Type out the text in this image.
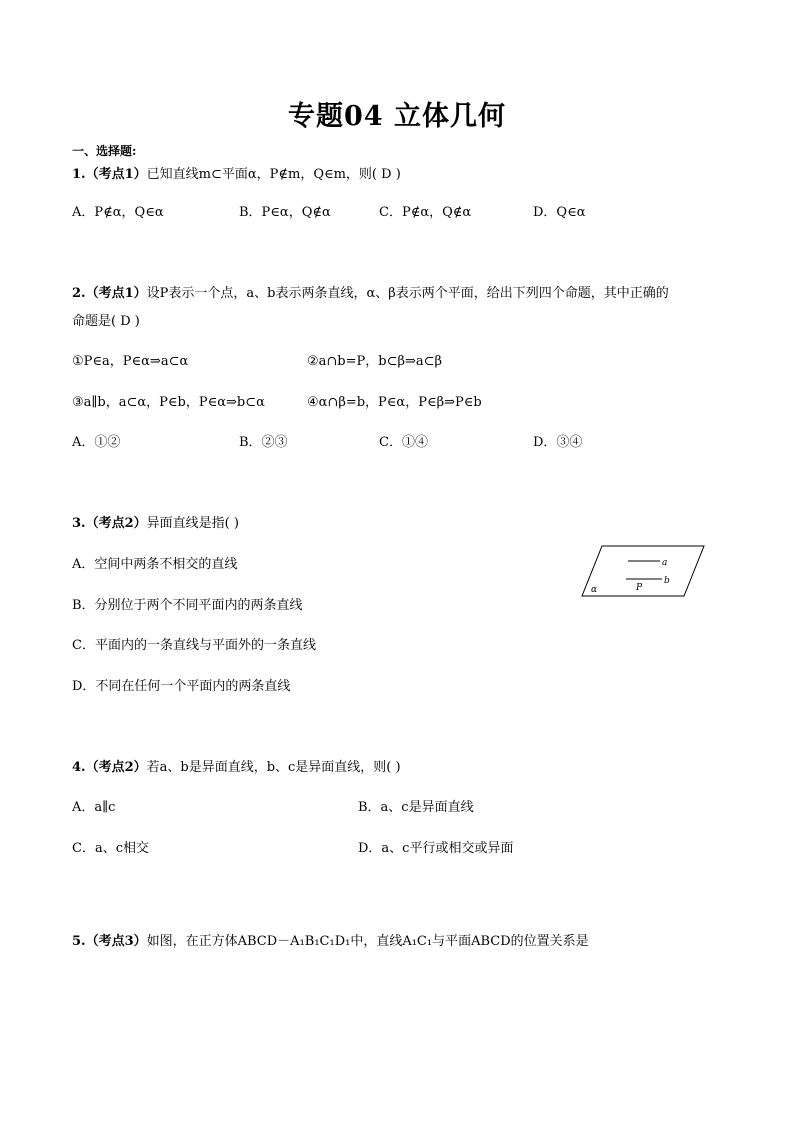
专题04 立体几何
一、选择题:
1.（考点1）已知直线m⊂平面α，P∉m，Q∈m，则( D )
A．P∉α，Q∈α	B．P∈α，Q∉α	C．P∉α，Q∉α	D．Q∈α
2.（考点1）设P表示一个点，a、b表示两条直线，α、β表示两个平面，给出下列四个命题，其中正确的
命题是( D )
①P∈a，P∈α⇒a⊂α	②a∩b=P，b⊂β⇒a⊂β
③a∥b，a⊂α，P∈b，P∈α⇒b⊂α	④α∩β=b，P∈α，P∈β⇒P∈b
A．①②	B．②③	C．①④	D．③④
3.（考点2）异面直线是指( )
A．空间中两条不相交的直线
B．分别位于两个不同平面内的两条直线
C．平面内的一条直线与平面外的一条直线
D．不同在任何一个平面内的两条直线
a
b
α	P
4.（考点2）若a、b是异面直线，b、c是异面直线，则( )
A．a∥c	B．a、c是异面直线
C．a、c相交	D．a、c平行或相交或异面
5.（考点3）如图，在正方体ABCD－A₁B₁C₁D₁中，直线A₁C₁与平面ABCD的位置关系是
